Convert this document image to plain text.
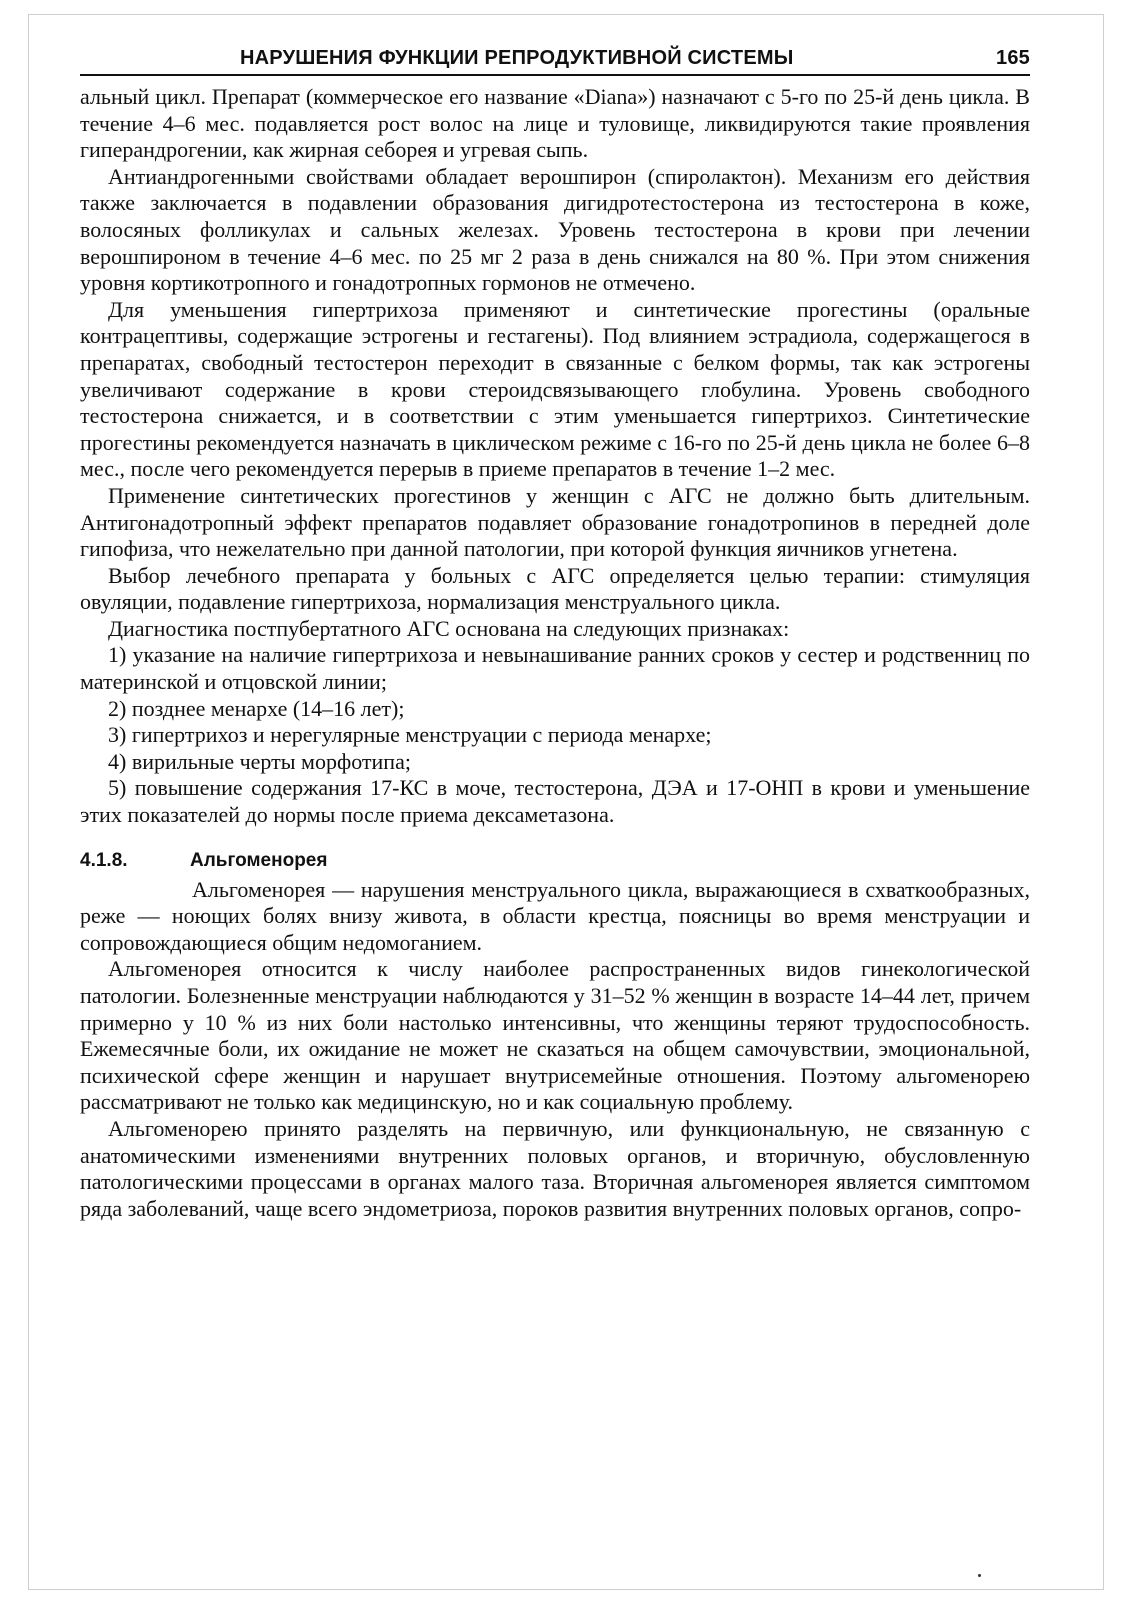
НАРУШЕНИЯ ФУНКЦИИ РЕПРОДУКТИВНОЙ СИСТЕМЫ	165

альный цикл. Препарат (коммерческое его название «Diana») назначают с 5-го по 25-й день цикла. В течение 4–6 мес. подавляется рост волос на лице и туловище, ликвидируются такие проявления гиперандрогении, как жирная себорея и угревая сыпь.

Антиандрогенными свойствами обладает верошпирон (спиролактон). Механизм его действия также заключается в подавлении образования дигидротестостерона из тестостерона в коже, волосяных фолликулах и сальных железах. Уровень тестостерона в крови при лечении верошпироном в течение 4–6 мес. по 25 мг 2 раза в день снижался на 80 %. При этом снижения уровня кортикотропного и гонадотропных гормонов не отмечено.

Для уменьшения гипертрихоза применяют и синтетические прогестины (оральные контрацептивы, содержащие эстрогены и гестагены). Под влиянием эстрадиола, содержащегося в препаратах, свободный тестостерон переходит в связанные с белком формы, так как эстрогены увеличивают содержание в крови стероидсвязывающего глобулина. Уровень свободного тестостерона снижается, и в соответствии с этим уменьшается гипертрихоз. Синтетические прогестины рекомендуется назначать в циклическом режиме с 16-го по 25-й день цикла не более 6–8 мес., после чего рекомендуется перерыв в приеме препаратов в течение 1–2 мес.

Применение синтетических прогестинов у женщин с АГС не должно быть длительным. Антигонадотропный эффект препаратов подавляет образование гонадотропинов в передней доле гипофиза, что нежелательно при данной патологии, при которой функция яичников угнетена.

Выбор лечебного препарата у больных с АГС определяется целью терапии: стимуляция овуляции, подавление гипертрихоза, нормализация менструального цикла.

Диагностика постпубертатного АГС основана на следующих признаках:

1) указание на наличие гипертрихоза и невынашивание ранних сроков у сестер и родственниц по материнской и отцовской линии;

2) позднее менархе (14–16 лет);

3) гипертрихоз и нерегулярные менструации с периода менархе;

4) вирильные черты морфотипа;

5) повышение содержания 17-КС в моче, тестостерона, ДЭА и 17-ОНП в крови и уменьшение этих показателей до нормы после приема дексаметазона.

4.1.8.	Альгоменорея

Альгоменорея — нарушения менструального цикла, выражающиеся в схваткообразных, реже — ноющих болях внизу живота, в области крестца, поясницы во время менструации и сопровождающиеся общим недомоганием.

Альгоменорея относится к числу наиболее распространенных видов гинекологической патологии. Болезненные менструации наблюдаются у 31–52 % женщин в возрасте 14–44 лет, причем примерно у 10 % из них боли настолько интенсивны, что женщины теряют трудоспособность. Ежемесячные боли, их ожидание не может не сказаться на общем самочувствии, эмоциональной, психической сфере женщин и нарушает внутрисемейные отношения. Поэтому альгоменорею рассматривают не только как медицинскую, но и как социальную проблему.

Альгоменорею принято разделять на первичную, или функциональную, не связанную с анатомическими изменениями внутренних половых органов, и вторичную, обусловленную патологическими процессами в органах малого таза. Вторичная альгоменорея является симптомом ряда заболеваний, чаще всего эндометриоза, пороков развития внутренних половых органов, сопро-
